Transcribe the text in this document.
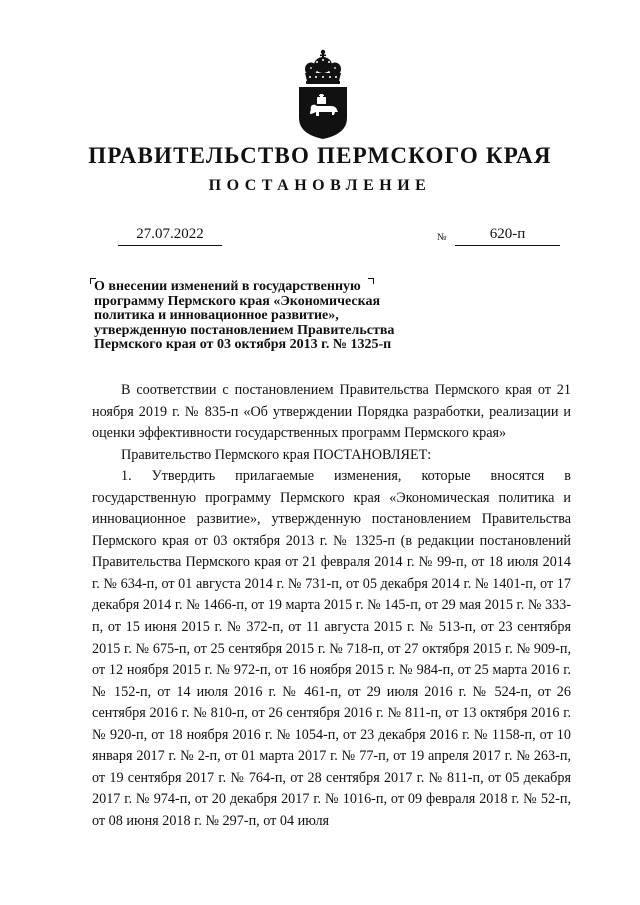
ПРАВИТЕЛЬСТВО ПЕРМСКОГО КРАЯ
ПОСТАНОВЛЕНИЕ
27.07.2022	№	620-п
О внесении изменений в государственную программу Пермского края «Экономическая политика и инновационное развитие», утвержденную постановлением Правительства Пермского края от 03 октября 2013 г. № 1325-п

В соответствии с постановлением Правительства Пермского края от 21 ноября 2019 г. № 835-п «Об утверждении Порядка разработки, реализации и оценки эффективности государственных программ Пермского края»

Правительство Пермского края ПОСТАНОВЛЯЕТ:

1. Утвердить прилагаемые изменения, которые вносятся в государственную программу Пермского края «Экономическая политика и инновационное развитие», утвержденную постановлением Правительства Пермского края от 03 октября 2013 г. № 1325-п (в редакции постановлений Правительства Пермского края от 21 февраля 2014 г. № 99-п, от 18 июля 2014 г. № 634-п, от 01 августа 2014 г. № 731-п, от 05 декабря 2014 г. № 1401-п, от 17 декабря 2014 г. № 1466-п, от 19 марта 2015 г. № 145-п, от 29 мая 2015 г. № 333-п, от 15 июня 2015 г. № 372-п, от 11 августа 2015 г. № 513-п, от 23 сентября 2015 г. № 675-п, от 25 сентября 2015 г. № 718-п, от 27 октября 2015 г. № 909-п, от 12 ноября 2015 г. № 972-п, от 16 ноября 2015 г. № 984-п, от 25 марта 2016 г. № 152-п, от 14 июля 2016 г. № 461-п, от 29 июля 2016 г. № 524-п, от 26 сентября 2016 г. № 810-п, от 26 сентября 2016 г. № 811-п, от 13 октября 2016 г. № 920-п, от 18 ноября 2016 г. № 1054-п, от 23 декабря 2016 г. № 1158-п, от 10 января 2017 г. № 2-п, от 01 марта 2017 г. № 77-п, от 19 апреля 2017 г. № 263-п, от 19 сентября 2017 г. № 764-п, от 28 сентября 2017 г. № 811-п, от 05 декабря 2017 г. № 974-п, от 20 декабря 2017 г. № 1016-п, от 09 февраля 2018 г. № 52-п, от 08 июня 2018 г. № 297-п, от 04 июля
